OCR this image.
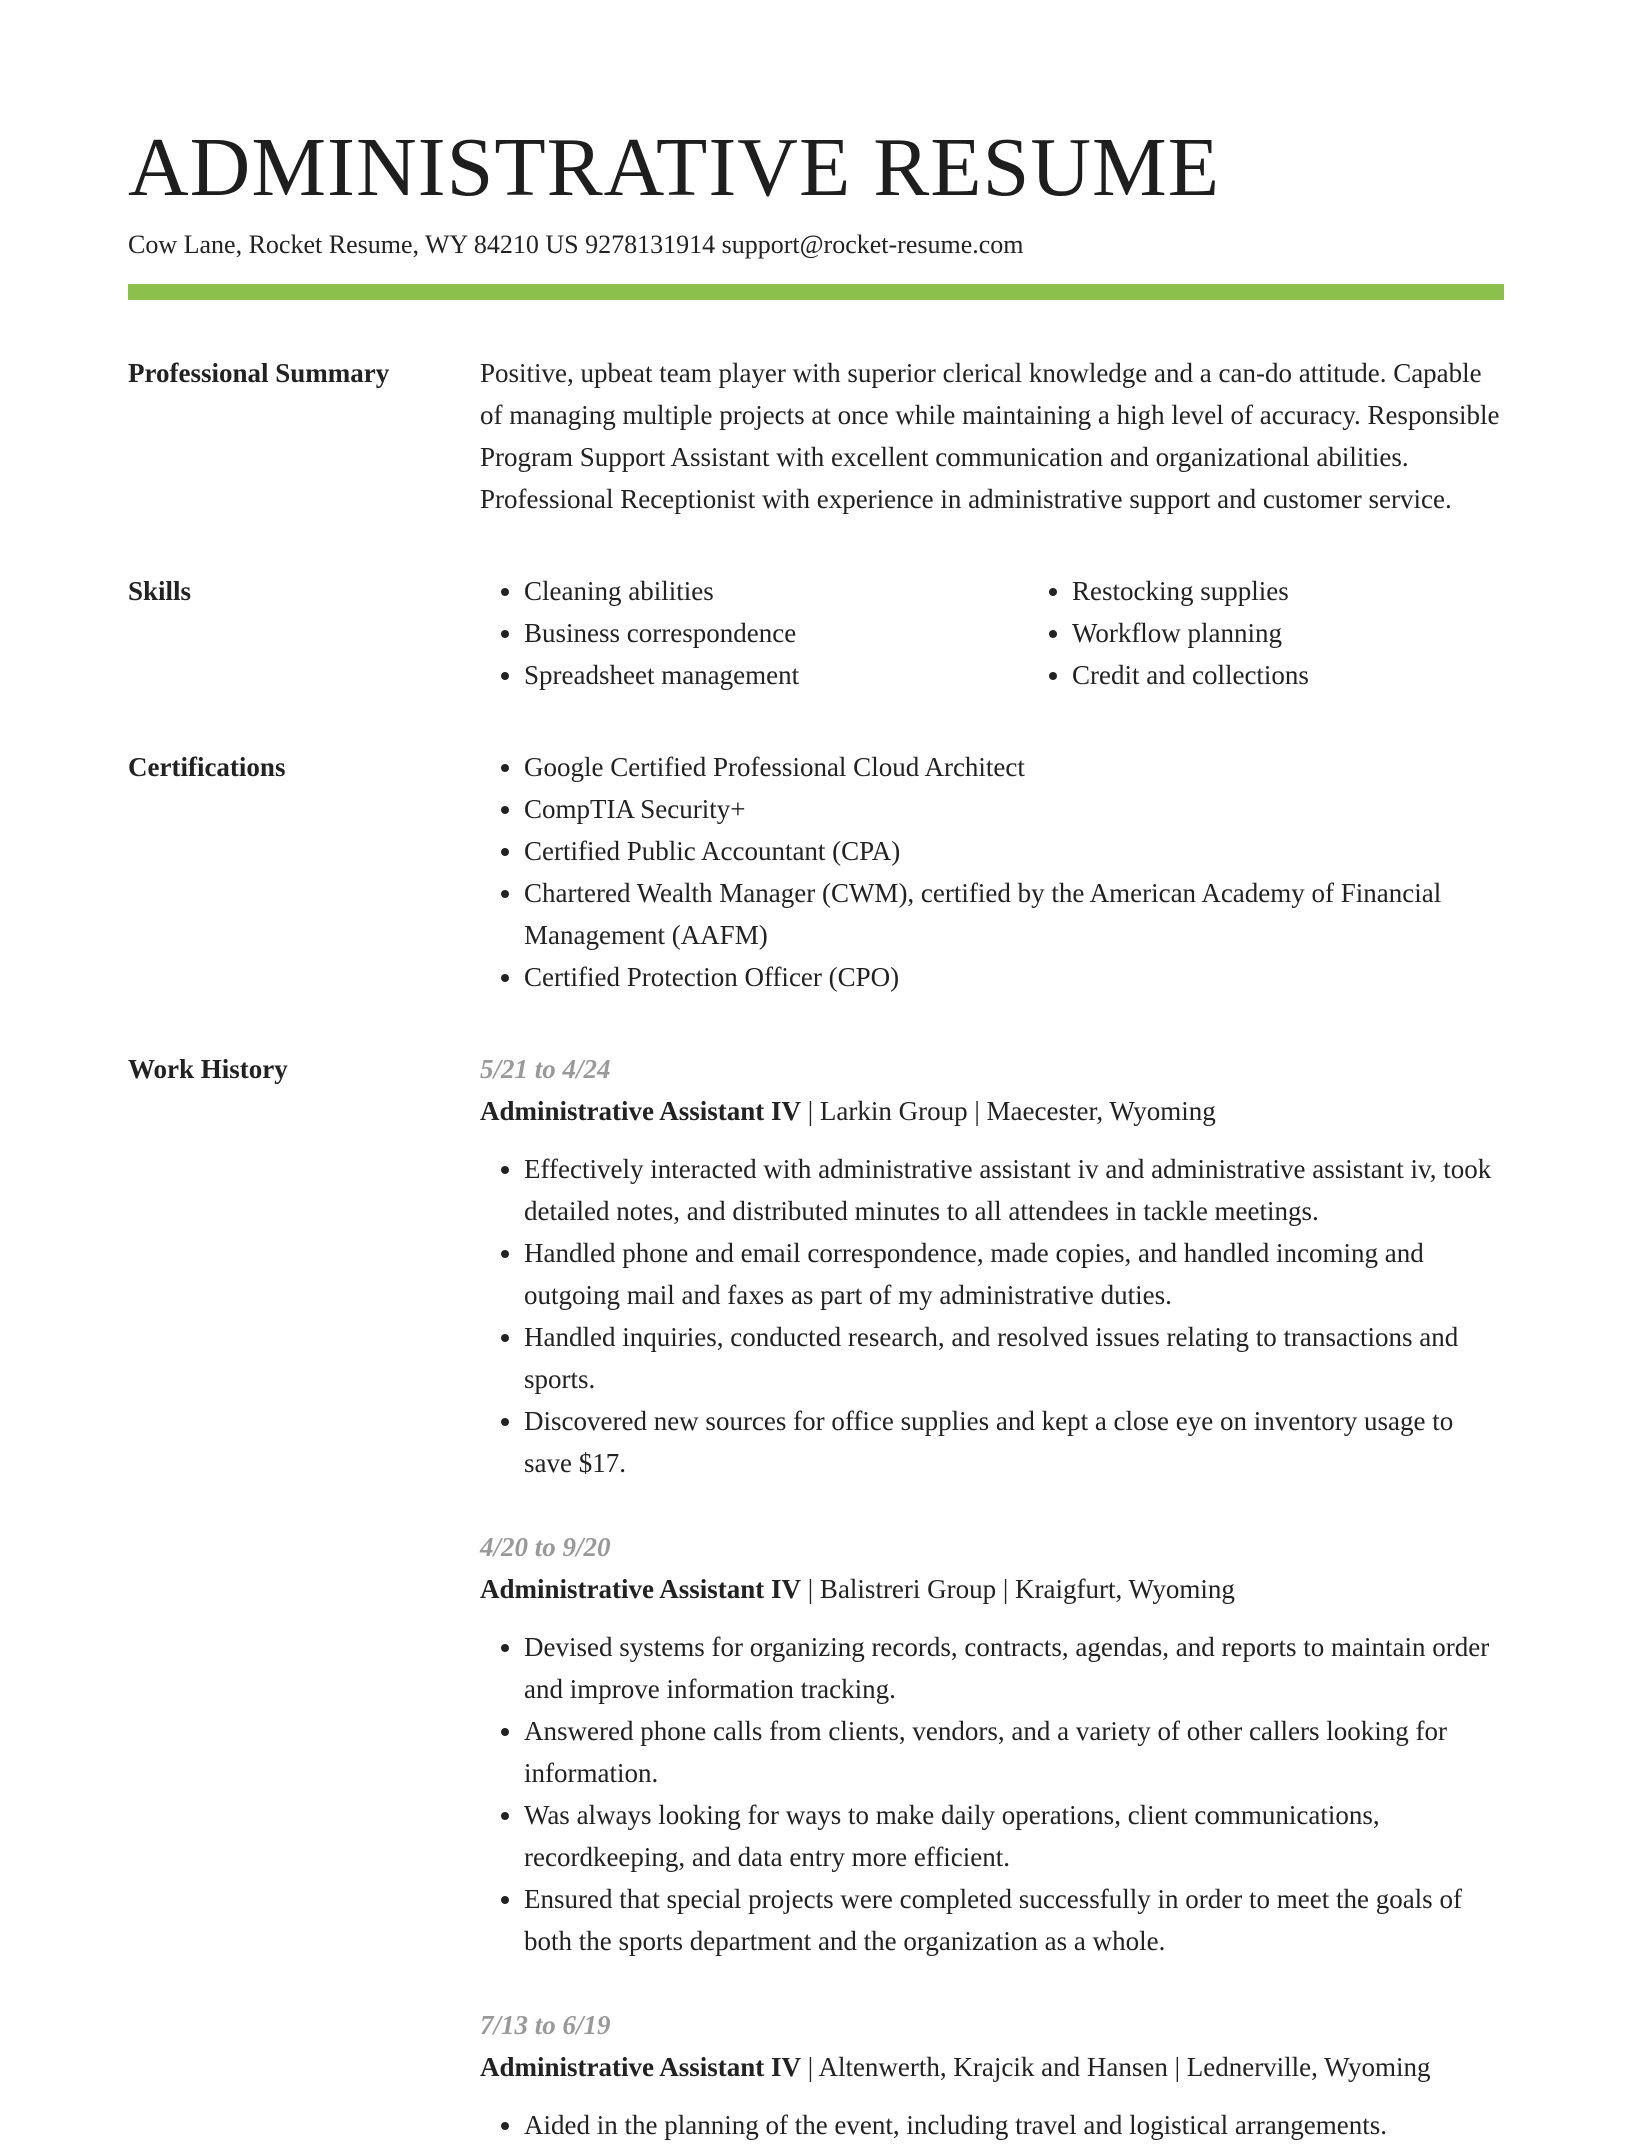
ADMINISTRATIVE RESUME
Cow Lane, Rocket Resume, WY 84210 US 9278131914 support@rocket-resume.com
Professional Summary	Positive, upbeat team player with superior clerical knowledge and a can-do attitude. Capable of managing multiple projects at once while maintaining a high level of accuracy. Responsible Program Support Assistant with excellent communication and organizational abilities. Professional Receptionist with experience in administrative support and customer service.
Skills	• Cleaning abilities
• Business correspondence
• Spreadsheet management
• Restocking supplies
• Workflow planning
• Credit and collections
Certifications	• Google Certified Professional Cloud Architect
• CompTIA Security+
• Certified Public Accountant (CPA)
• Chartered Wealth Manager (CWM), certified by the American Academy of Financial Management (AAFM)
• Certified Protection Officer (CPO)
Work History	5/21 to 4/24
Administrative Assistant IV | Larkin Group | Maecester, Wyoming
• Effectively interacted with administrative assistant iv and administrative assistant iv, took detailed notes, and distributed minutes to all attendees in tackle meetings.
• Handled phone and email correspondence, made copies, and handled incoming and outgoing mail and faxes as part of my administrative duties.
• Handled inquiries, conducted research, and resolved issues relating to transactions and sports.
• Discovered new sources for office supplies and kept a close eye on inventory usage to save $17.
4/20 to 9/20
Administrative Assistant IV | Balistreri Group | Kraigfurt, Wyoming
• Devised systems for organizing records, contracts, agendas, and reports to maintain order and improve information tracking.
• Answered phone calls from clients, vendors, and a variety of other callers looking for information.
• Was always looking for ways to make daily operations, client communications, recordkeeping, and data entry more efficient.
• Ensured that special projects were completed successfully in order to meet the goals of both the sports department and the organization as a whole.
7/13 to 6/19
Administrative Assistant IV | Altenwerth, Krajcik and Hansen | Lednerville, Wyoming
• Aided in the planning of the event, including travel and logistical arrangements.
